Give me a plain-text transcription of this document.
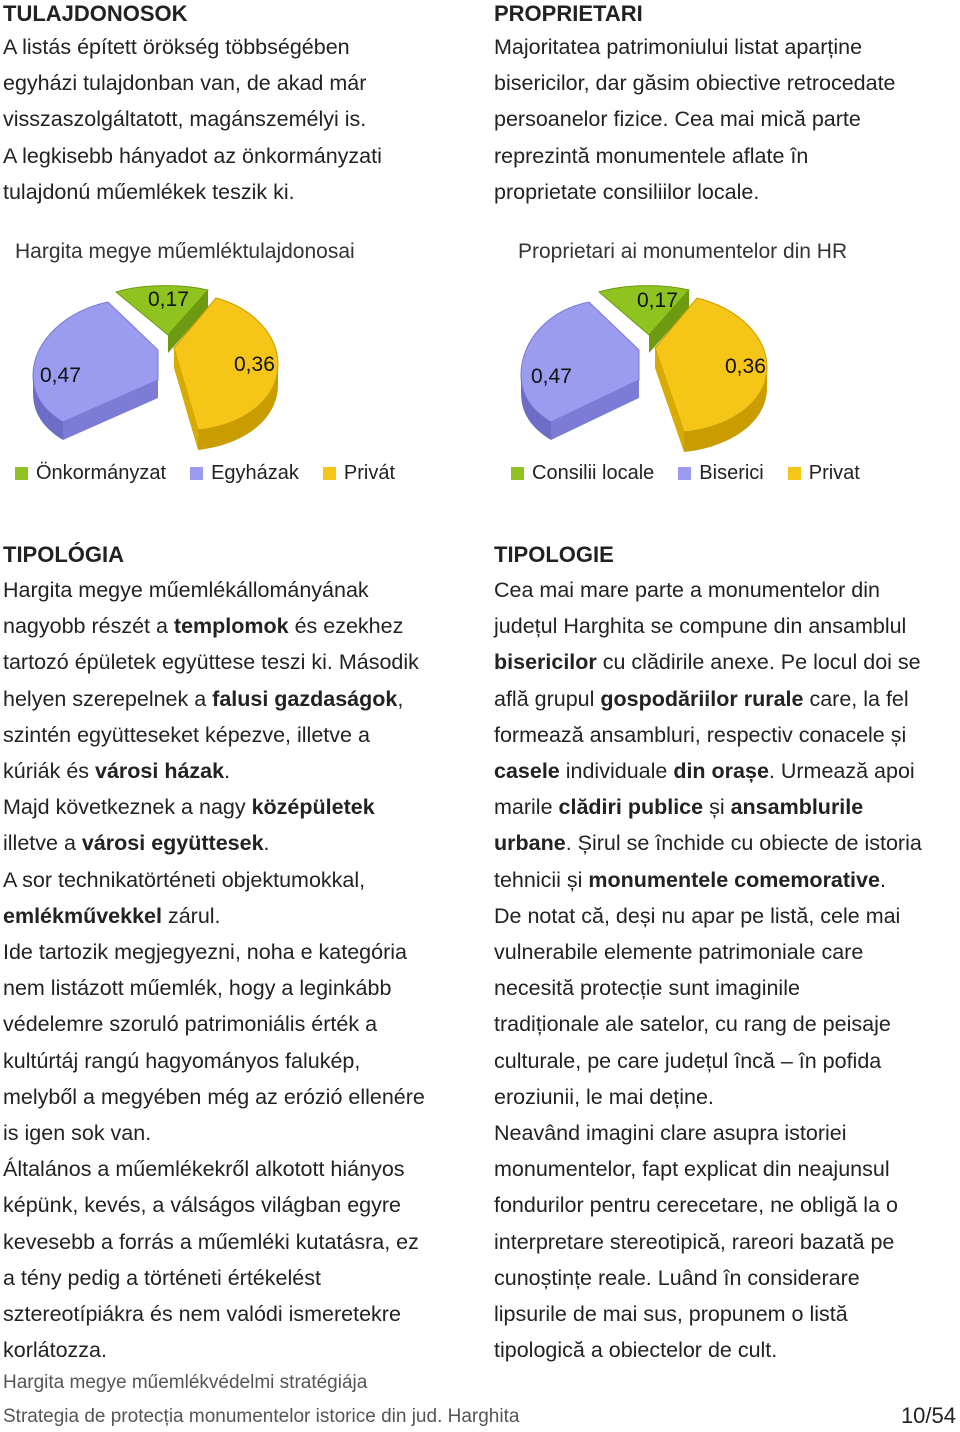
TULAJDONOSOK
A listás épített örökség többségében
egyházi tulajdonban van, de akad már
visszaszolgáltatott, magánszemélyi is.
A legkisebb hányadot az önkormányzati
tulajdonú műemlékek teszik ki.
Hargita megye műemléktulajdonosai
0,17
0,47	0,36
Önkormányzat Egyházak Privát
TIPOLÓGIA
Hargita megye műemlékállományának
nagyobb részét a templomok és ezekhez
tartozó épületek együttese teszi ki. Második
helyen szerepelnek a falusi gazdaságok,
szintén együtteseket képezve, illetve a
kúriák és városi házak.
Majd következnek a nagy középületek
illetve a városi együttesek.
A sor technikatörténeti objektumokkal,
emlékművekkel zárul.
Ide tartozik megjegyezni, noha e kategória
nem listázott műemlék, hogy a leginkább
védelemre szoruló patrimoniális érték a
kultúrtáj rangú hagyományos falukép,
melyből a megyében még az erózió ellenére
is igen sok van.
Általános a műemlékekről alkotott hiányos
képünk, kevés, a válságos világban egyre
kevesebb a forrás a műemléki kutatásra, ez
a tény pedig a történeti értékelést
sztereotípiákra és nem valódi ismeretekre
korlátozza.
PROPRIETARI
Majoritatea patrimoniului listat aparține
bisericilor, dar găsim obiective retrocedate
persoanelor fizice. Cea mai mică parte
reprezintă monumentele aflate în
proprietate consiliilor locale.
Proprietari ai monumentelor din HR
0,17
0,47	0,36
Consilii locale Biserici Privat
TIPOLOGIE
Cea mai mare parte a monumentelor din
județul Harghita se compune din ansamblul
bisericilor cu clădirile anexe. Pe locul doi se
află grupul gospodăriilor rurale care, la fel
formează ansambluri, respectiv conacele și
casele individuale din orașe. Urmează apoi
marile clădiri publice și ansamblurile
urbane. Șirul se închide cu obiecte de istoria
tehnicii și monumentele comemorative.
De notat că, deși nu apar pe listă, cele mai
vulnerabile elemente patrimoniale care
necesită protecție sunt imaginile
tradiționale ale satelor, cu rang de peisaje
culturale, pe care județul încă – în pofida
eroziunii, le mai deține.
Neavând imagini clare asupra istoriei
monumentelor, fapt explicat din neajunsul
fondurilor pentru cerecetare, ne obligă la o
interpretare stereotipică, rareori bazată pe
cunoștințe reale. Luând în considerare
lipsurile de mai sus, propunem o listă
tipologică a obiectelor de cult.
Hargita megye műemlékvédelmi stratégiája
Strategia de protecția monumentelor istorice din jud. Harghita	10/54
